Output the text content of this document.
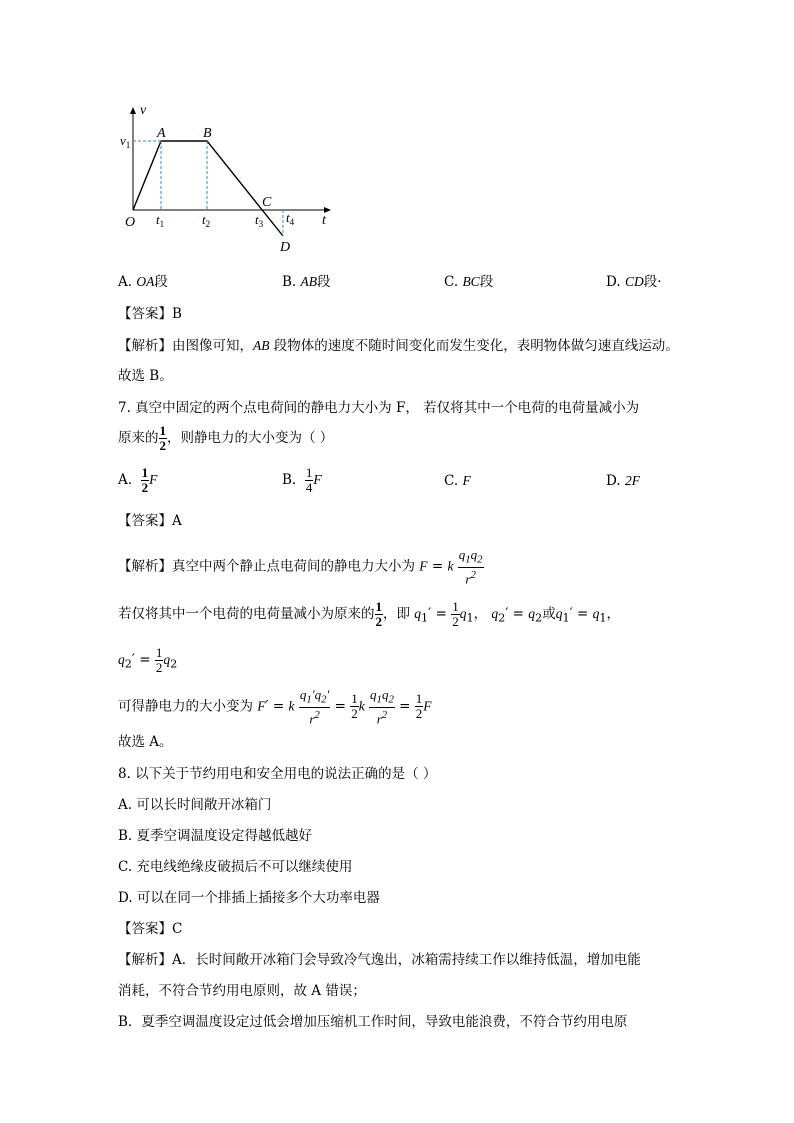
v
t
O
$v_1$
A	B
C
D
$t_1$	$t_2$	$t_3$ $t_4$
A. OA段	B. AB段	C. BC段	D. CD段·
【答案】B
【解析】由图像可知，AB 段物体的速度不随时间变化而发生变化，表明物体做匀速直线运动。
故选 B。
7. 真空中固定的两个点电荷间的静电力大小为 F， 若仅将其中一个电荷的电荷量减小为
原来的 $\frac{1}{2}$ ，则静电力的大小变为（ ）
A. $\frac{1}{2}$ F	B. $\frac{1}{4}$ F	C. F	D. 2F
【答案】A
【解析】真空中两个静止点电荷间的静电力大小为 F = k $\frac{q_1q_2}{r^2}$
若仅将其中一个电荷的电荷量减小为原来的 $\frac{1}{2}$ ，即 $q_1' = \frac{1}{2} q_1$， $q_2' = q_2$或$q_1' = q_1$，
$q_2' = \frac{1}{2} q_2$
可得静电力的大小变为 F′ = k $\frac{q_1'q_2'}{r^2} = \frac{1}{2}$ k $\frac{q_1q_2}{r^2} = \frac{1}{2}$ F
故选 A。
8. 以下关于节约用电和安全用电的说法正确的是（ ）
A. 可以长时间敞开冰箱门
B. 夏季空调温度设定得越低越好
C. 充电线绝缘皮破损后不可以继续使用
D. 可以在同一个排插上插接多个大功率电器
【答案】C
【解析】A．长时间敞开冰箱门会导致冷气逸出，冰箱需持续工作以维持低温，增加电能
消耗，不符合节约用电原则，故 A 错误；
B．夏季空调温度设定过低会增加压缩机工作时间，导致电能浪费，不符合节约用电原
